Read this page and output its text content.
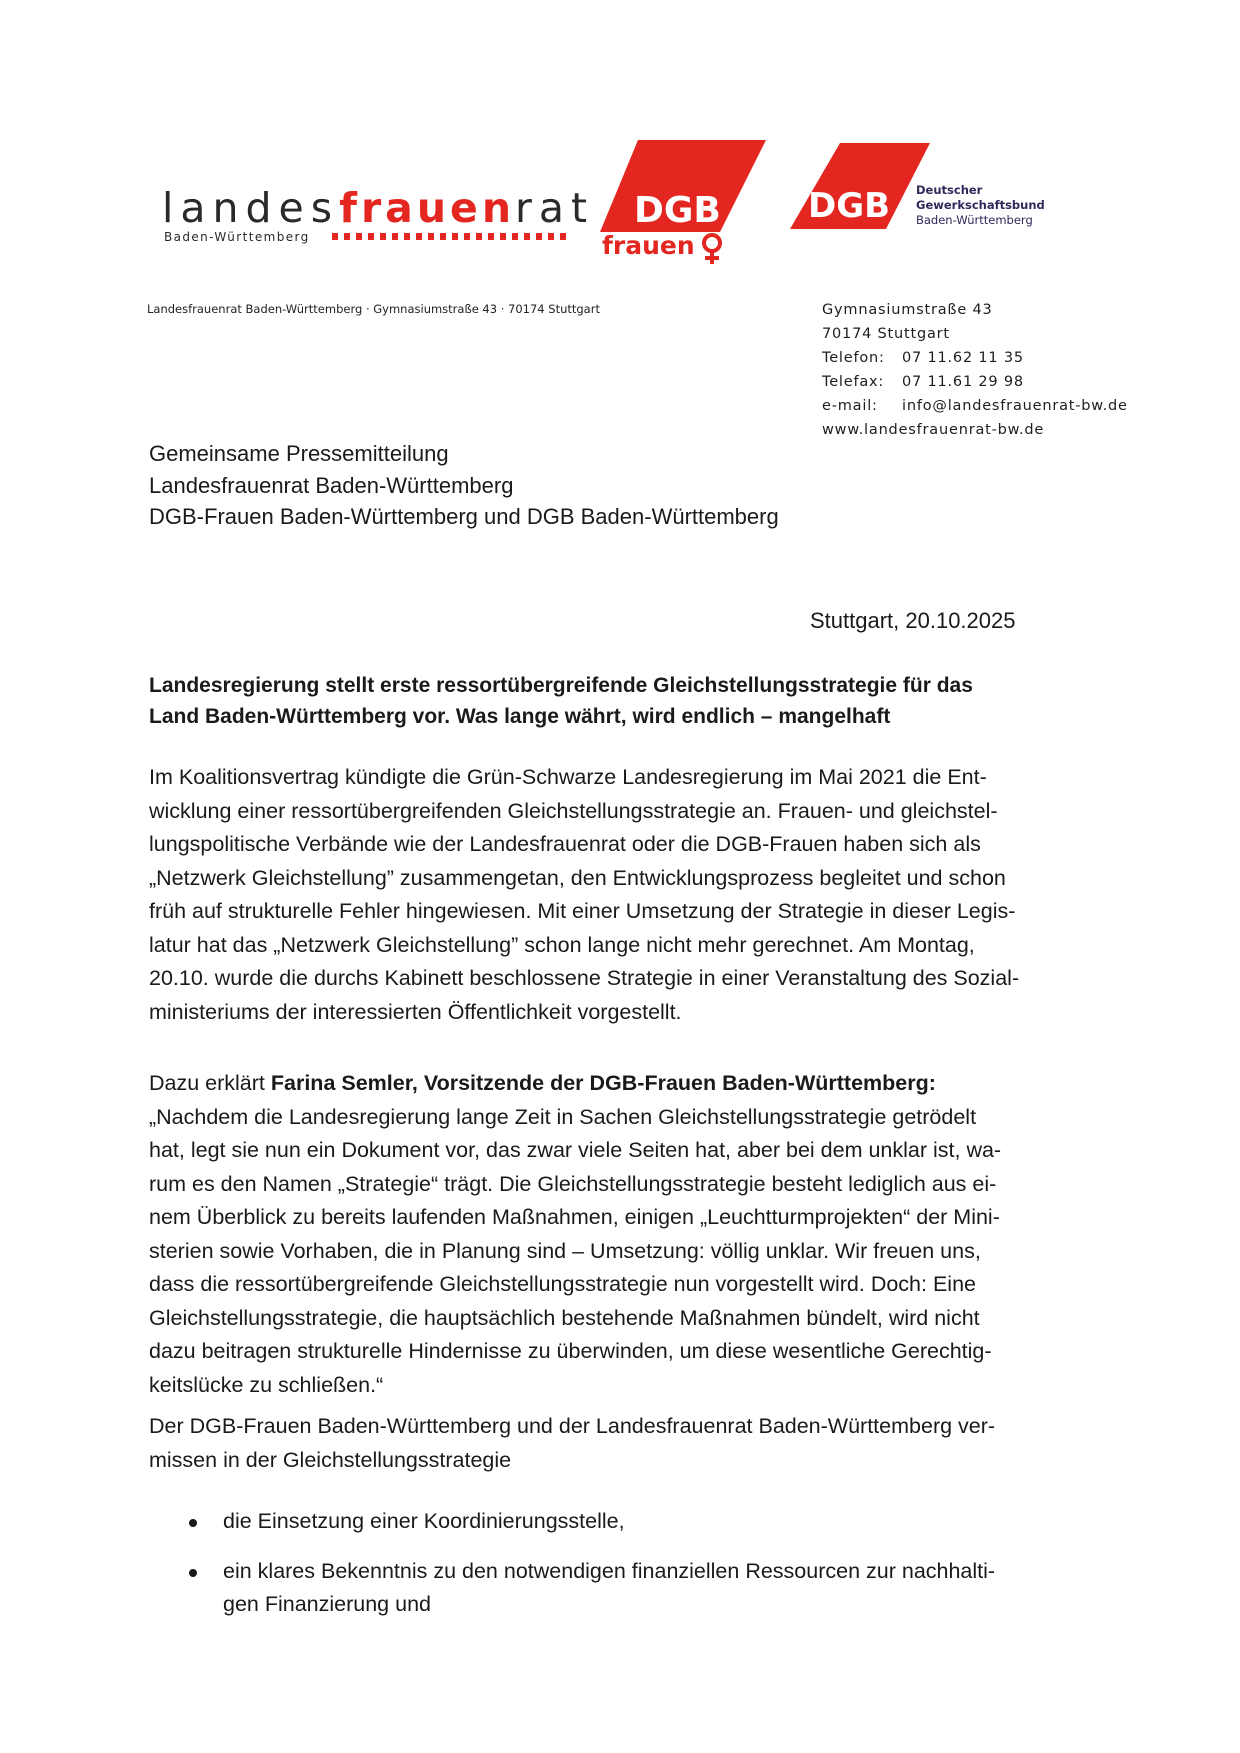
landesfrauenrat
Baden-Württemberg
DGB
frauen
DGB Deutscher
Gewerkschaftsbund
Baden-Württemberg
Landesfrauenrat Baden-Württemberg · Gymnasiumstraße 43 · 70174 Stuttgart	Gymnasiumstraße 43
70174 Stuttgart
Telefon: 07 11.62 11 35
Telefax: 07 11.61 29 98
e-mail: info@landesfrauenrat-bw.de
www.landesfrauenrat-bw.de
Gemeinsame Pressemitteilung
Landesfrauenrat Baden-Württemberg
DGB-Frauen Baden-Württemberg und DGB Baden-Württemberg
Stuttgart, 20.10.2025
Landesregierung stellt erste ressortübergreifende Gleichstellungsstrategie für das
Land Baden-Württemberg vor. Was lange währt, wird endlich – mangelhaft
Im Koalitionsvertrag kündigte die Grün-Schwarze Landesregierung im Mai 2021 die Ent-
wicklung einer ressortübergreifenden Gleichstellungsstrategie an. Frauen- und gleichstel-
lungspolitische Verbände wie der Landesfrauenrat oder die DGB-Frauen haben sich als
„Netzwerk Gleichstellung” zusammengetan, den Entwicklungsprozess begleitet und schon
früh auf strukturelle Fehler hingewiesen. Mit einer Umsetzung der Strategie in dieser Legis-
latur hat das „Netzwerk Gleichstellung” schon lange nicht mehr gerechnet. Am Montag,
20.10. wurde die durchs Kabinett beschlossene Strategie in einer Veranstaltung des Sozial-
ministeriums der interessierten Öffentlichkeit vorgestellt.
Dazu erklärt Farina Semler, Vorsitzende der DGB-Frauen Baden-Württemberg:
„Nachdem die Landesregierung lange Zeit in Sachen Gleichstellungsstrategie getrödelt
hat, legt sie nun ein Dokument vor, das zwar viele Seiten hat, aber bei dem unklar ist, wa-
rum es den Namen „Strategie“ trägt. Die Gleichstellungsstrategie besteht lediglich aus ei-
nem Überblick zu bereits laufenden Maßnahmen, einigen „Leuchtturmprojekten“ der Mini-
sterien sowie Vorhaben, die in Planung sind – Umsetzung: völlig unklar. Wir freuen uns,
dass die ressortübergreifende Gleichstellungsstrategie nun vorgestellt wird. Doch: Eine
Gleichstellungsstrategie, die hauptsächlich bestehende Maßnahmen bündelt, wird nicht
dazu beitragen strukturelle Hindernisse zu überwinden, um diese wesentliche Gerechtig-
keitslücke zu schließen.“
Der DGB-Frauen Baden-Württemberg und der Landesfrauenrat Baden-Württemberg ver-
missen in der Gleichstellungsstrategie
die Einsetzung einer Koordinierungsstelle,
ein klares Bekenntnis zu den notwendigen finanziellen Ressourcen zur nachhalti-
gen Finanzierung und
